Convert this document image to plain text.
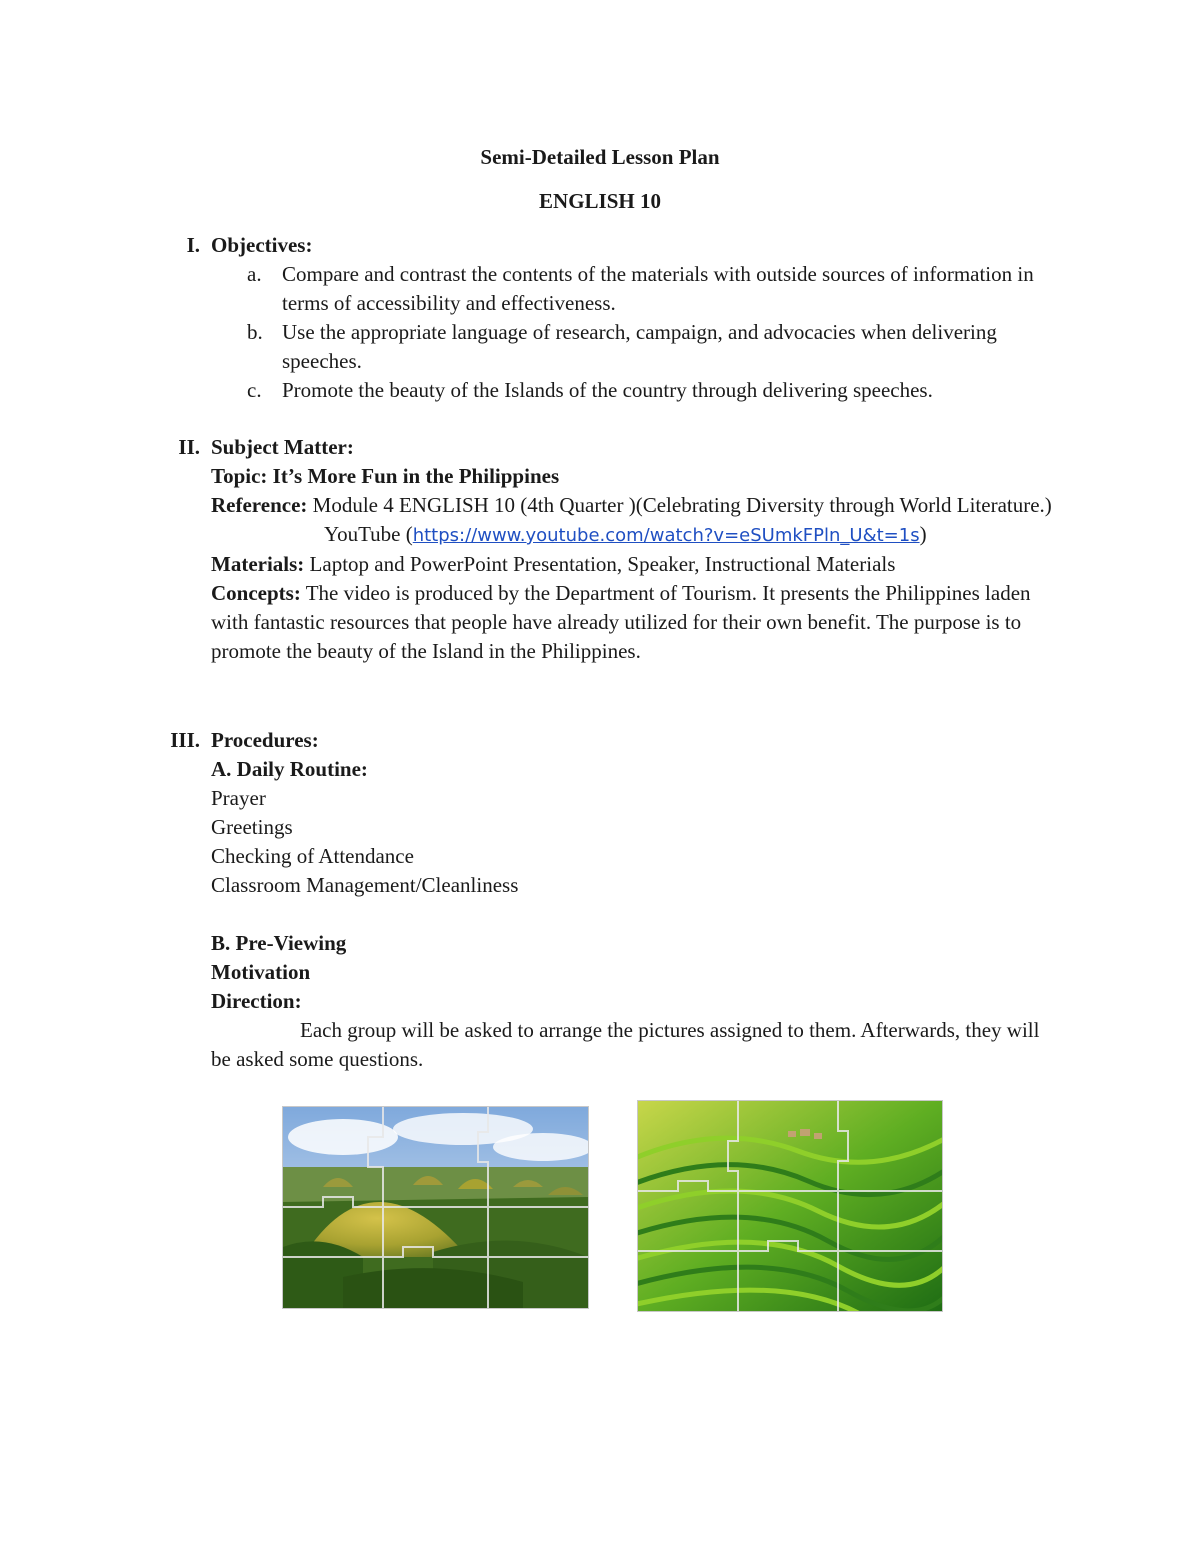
Semi-Detailed Lesson Plan
ENGLISH 10
I. Objectives:
a. Compare and contrast the contents of the materials with outside sources of information in terms of accessibility and effectiveness.
b. Use the appropriate language of research, campaign, and advocacies when delivering speeches.
c. Promote the beauty of the Islands of the country through delivering speeches.
II. Subject Matter:
Topic: It’s More Fun in the Philippines
Reference: Module 4 ENGLISH 10 (4th Quarter )(Celebrating Diversity through World Literature.)
YouTube (https://www.youtube.com/watch?v=eSUmkFPln_U&t=1s)
Materials: Laptop and PowerPoint Presentation, Speaker, Instructional Materials
Concepts: The video is produced by the Department of Tourism. It presents the Philippines laden with fantastic resources that people have already utilized for their own benefit. The purpose is to promote the beauty of the Island in the Philippines.
III. Procedures:
A. Daily Routine:
Prayer
Greetings
Checking of Attendance
Classroom Management/Cleanliness
B. Pre-Viewing
Motivation
Direction:
Each group will be asked to arrange the pictures assigned to them. Afterwards, they will be asked some questions.
